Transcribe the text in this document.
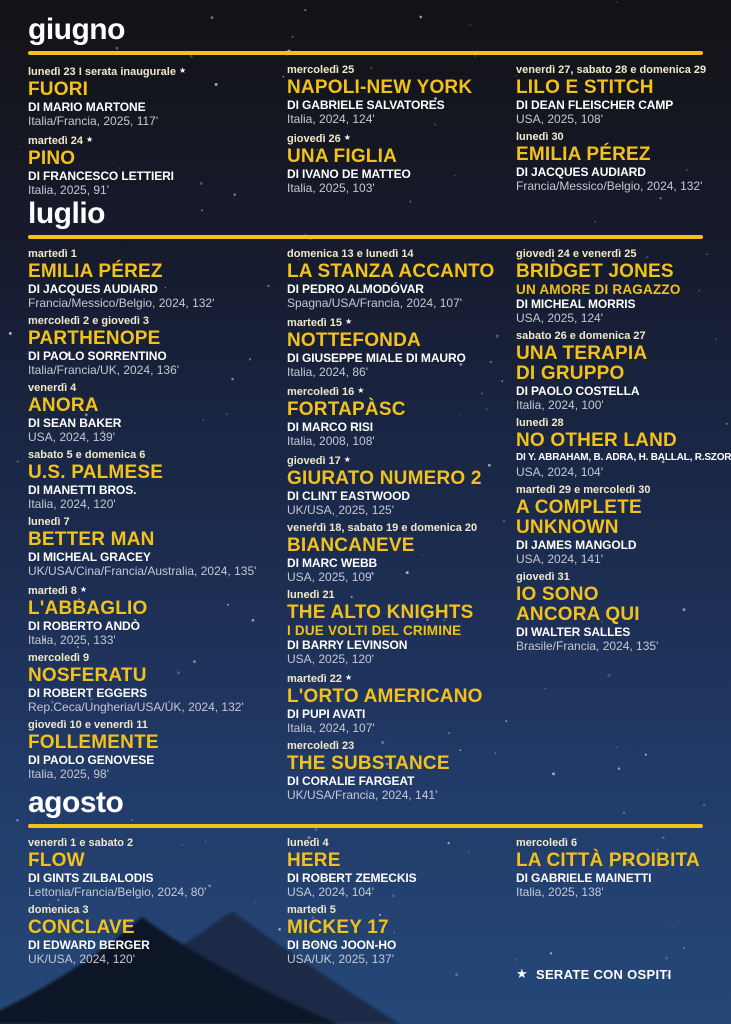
giugno
lunedì 23 I serata inaugurale ★
FUORI
DI MARIO MARTONE
Italia/Francia, 2025, 117'
martedì 24 ★
PINO
DI FRANCESCO LETTIERI
Italia, 2025, 91'
mercoledì 25
NAPOLI-NEW YORK
DI GABRIELE SALVATORES
Italia, 2024, 124'
giovedì 26 ★
UNA FIGLIA
DI IVANO DE MATTEO
Italia, 2025, 103'
venerdì 27, sabato 28 e domenica 29
LILO E STITCH
DI DEAN FLEISCHER CAMP
USA, 2025, 108'
lunedì 30
EMILIA PÉREZ
DI JACQUES AUDIARD
Francia/Messico/Belgio, 2024, 132'
luglio
martedì 1
EMILIA PÉREZ
DI JACQUES AUDIARD
Francia/Messico/Belgio, 2024, 132'
mercoledì 2 e giovedì 3
PARTHENOPE
DI PAOLO SORRENTINO
Italia/Francia/UK, 2024, 136'
venerdì 4
ANORA
DI SEAN BAKER
USA, 2024, 139'
sabato 5 e domenica 6
U.S. PALMESE
DI MANETTI BROS.
Italia, 2024, 120'
lunedì 7
BETTER MAN
DI MICHEAL GRACEY
UK/USA/Cina/Francia/Australia, 2024, 135'
martedì 8 ★
L'ABBAGLIO
DI ROBERTO ANDÒ
Italia, 2025, 133'
mercoledì 9
NOSFERATU
DI ROBERT EGGERS
Rep.Ceca/Ungheria/USA/UK, 2024, 132'
giovedì 10 e venerdì 11
FOLLEMENTE
DI PAOLO GENOVESE
Italia, 2025, 98'
domenica 13 e lunedì 14
LA STANZA ACCANTO
DI PEDRO ALMODÓVAR
Spagna/USA/Francia, 2024, 107'
martedì 15 ★
NOTTEFONDA
DI GIUSEPPE MIALE DI MAURO
Italia, 2024, 86'
mercoledì 16 ★
FORTAPÀSC
DI MARCO RISI
Italia, 2008, 108'
giovedì 17 ★
GIURATO NUMERO 2
DI CLINT EASTWOOD
UK/USA, 2025, 125'
venerdì 18, sabato 19 e domenica 20
BIANCANEVE
DI MARC WEBB
USA, 2025, 109'
lunedì 21
THE ALTO KNIGHTS
I DUE VOLTI DEL CRIMINE
DI BARRY LEVINSON
USA, 2025, 120'
martedì 22 ★
L'ORTO AMERICANO
DI PUPI AVATI
Italia, 2024, 107'
mercoledì 23
THE SUBSTANCE
DI CORALIE FARGEAT
UK/USA/Francia, 2024, 141'
giovedì 24 e venerdì 25
BRIDGET JONES
UN AMORE DI RAGAZZO
DI MICHEAL MORRIS
USA, 2025, 124'
sabato 26 e domenica 27
UNA TERAPIA
DI GRUPPO
DI PAOLO COSTELLA
Italia, 2024, 100'
lunedì 28
NO OTHER LAND
DI Y. ABRAHAM, B. ADRA, H. BALLAL, R.SZOR
USA, 2024, 104'
martedì 29 e mercoledì 30
A COMPLETE
UNKNOWN
DI JAMES MANGOLD
USA, 2024, 141'
giovedì 31
IO SONO
ANCORA QUI
DI WALTER SALLES
Brasile/Francia, 2024, 135'
agosto
venerdì 1 e sabato 2
FLOW
DI GINTS ZILBALODIS
Lettonia/Francia/Belgio, 2024, 80'
domenica 3
CONCLAVE
DI EDWARD BERGER
UK/USA, 2024, 120'
lunedì 4
HERE
DI ROBERT ZEMECKIS
USA, 2024, 104'
martedì 5
MICKEY 17
DI BONG JOON-HO
USA/UK, 2025, 137'
mercoledì 6
LA CITTÀ PROIBITA
DI GABRIELE MAINETTI
Italia, 2025, 138'
★ SERATE CON OSPITI
